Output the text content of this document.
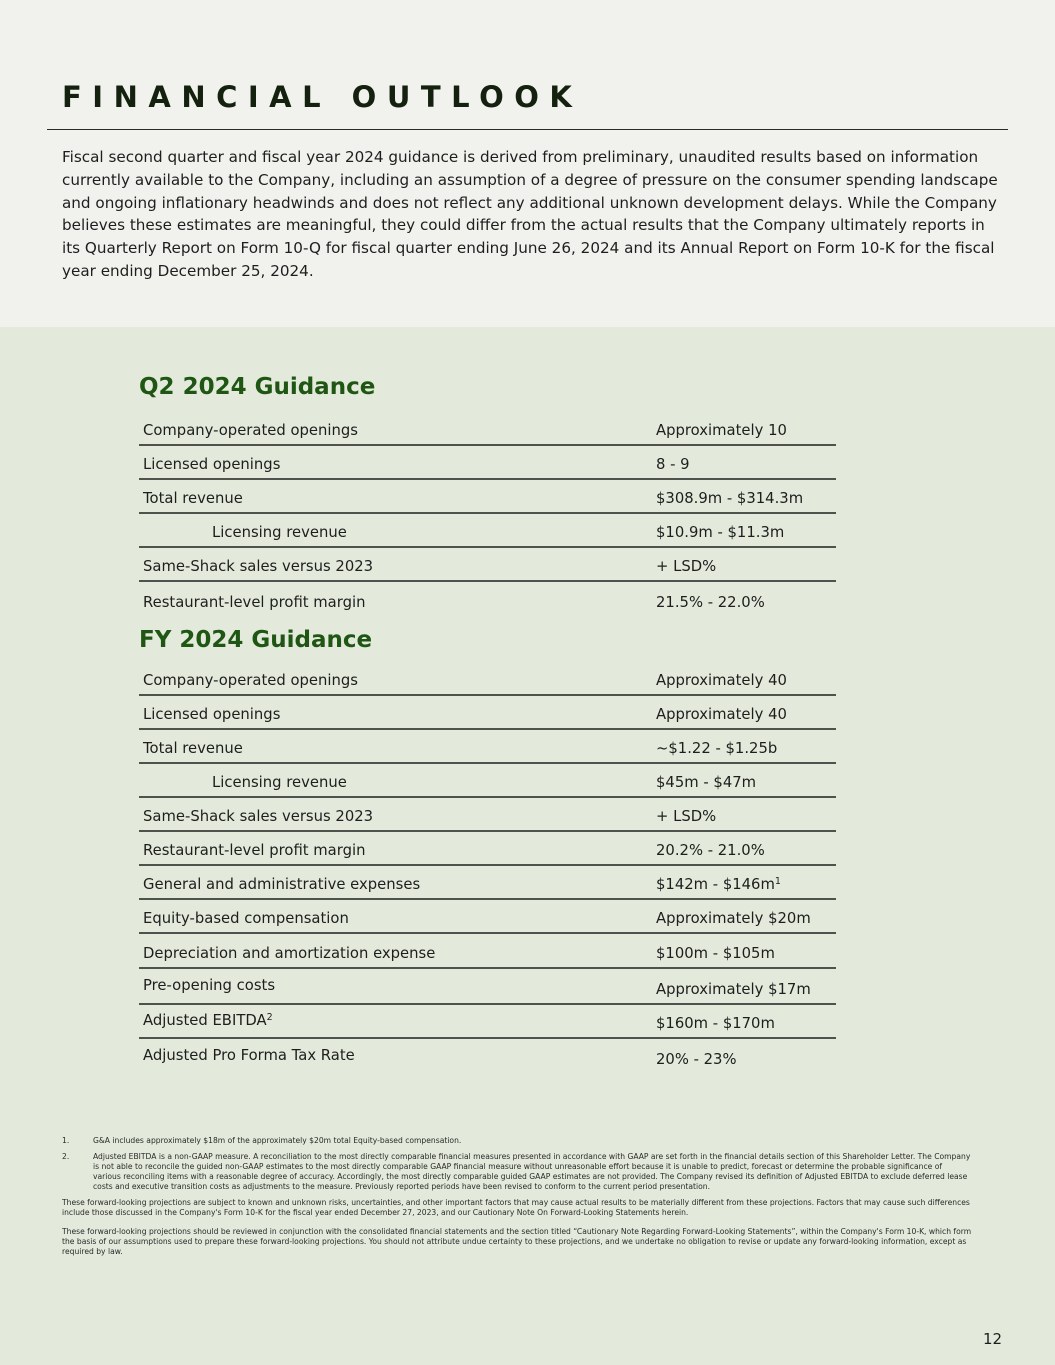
FINANCIAL OUTLOOK

Fiscal second quarter and fiscal year 2024 guidance is derived from preliminary, unaudited results based on information currently available to the Company, including an assumption of a degree of pressure on the consumer spending landscape and ongoing inflationary headwinds and does not reflect any additional unknown development delays. While the Company believes these estimates are meaningful, they could differ from the actual results that the Company ultimately reports in its Quarterly Report on Form 10-Q for fiscal quarter ending June 26, 2024 and its Annual Report on Form 10-K for the fiscal year ending December 25, 2024.

Q2 2024 Guidance
Company-operated openings	Approximately 10
Licensed openings	8 - 9
Total revenue	$308.9m - $314.3m
Licensing revenue	$10.9m - $11.3m
Same-Shack sales versus 2023	+ LSD%
Restaurant-level profit margin	21.5% - 22.0%
FY 2024 Guidance
Company-operated openings	Approximately 40
Licensed openings	Approximately 40
Total revenue	~$1.22 - $1.25b
Licensing revenue	$45m - $47m
Same-Shack sales versus 2023	+ LSD%
Restaurant-level profit margin	20.2% - 21.0%
General and administrative expenses	$142m - $\$146m^1$
Equity-based compensation	Approximately $20m
Depreciation and amortization expense	$100m - $105m
Pre-opening costs	Approximately $17m
Adjusted EBITDA$^2$	$160m - $170m
Adjusted Pro Forma Tax Rate	20% - 23%
1.	G&A includes approximately $18m of the approximately $20m total Equity-based compensation.
2.	Adjusted EBITDA is a non-GAAP measure. A reconciliation to the most directly comparable financial measures presented in accordance with GAAP are set forth in the financial details section of this Shareholder Letter. The Company is not able to reconcile the guided non-GAAP estimates to the most directly comparable GAAP financial measure without unreasonable effort because it is unable to predict, forecast or determine the probable significance of various reconciling items with a reasonable degree of accuracy. Accordingly, the most directly comparable guided GAAP estimates are not provided. The Company revised its definition of Adjusted EBITDA to exclude deferred lease costs and executive transition costs as adjustments to the measure. Previously reported periods have been revised to conform to the current period presentation.

These forward-looking projections are subject to known and unknown risks, uncertainties, and other important factors that may cause actual results to be materially different from these projections. Factors that may cause such differences include those discussed in the Company's Form 10-K for the fiscal year ended December 27, 2023, and our Cautionary Note On Forward-Looking Statements herein.

These forward-looking projections should be reviewed in conjunction with the consolidated financial statements and the section titled “Cautionary Note Regarding Forward-Looking Statements”, within the Company's Form 10-K, which form the basis of our assumptions used to prepare these forward-looking projections. You should not attribute undue certainty to these projections, and we undertake no obligation to revise or update any forward-looking information, except as required by law.

12
